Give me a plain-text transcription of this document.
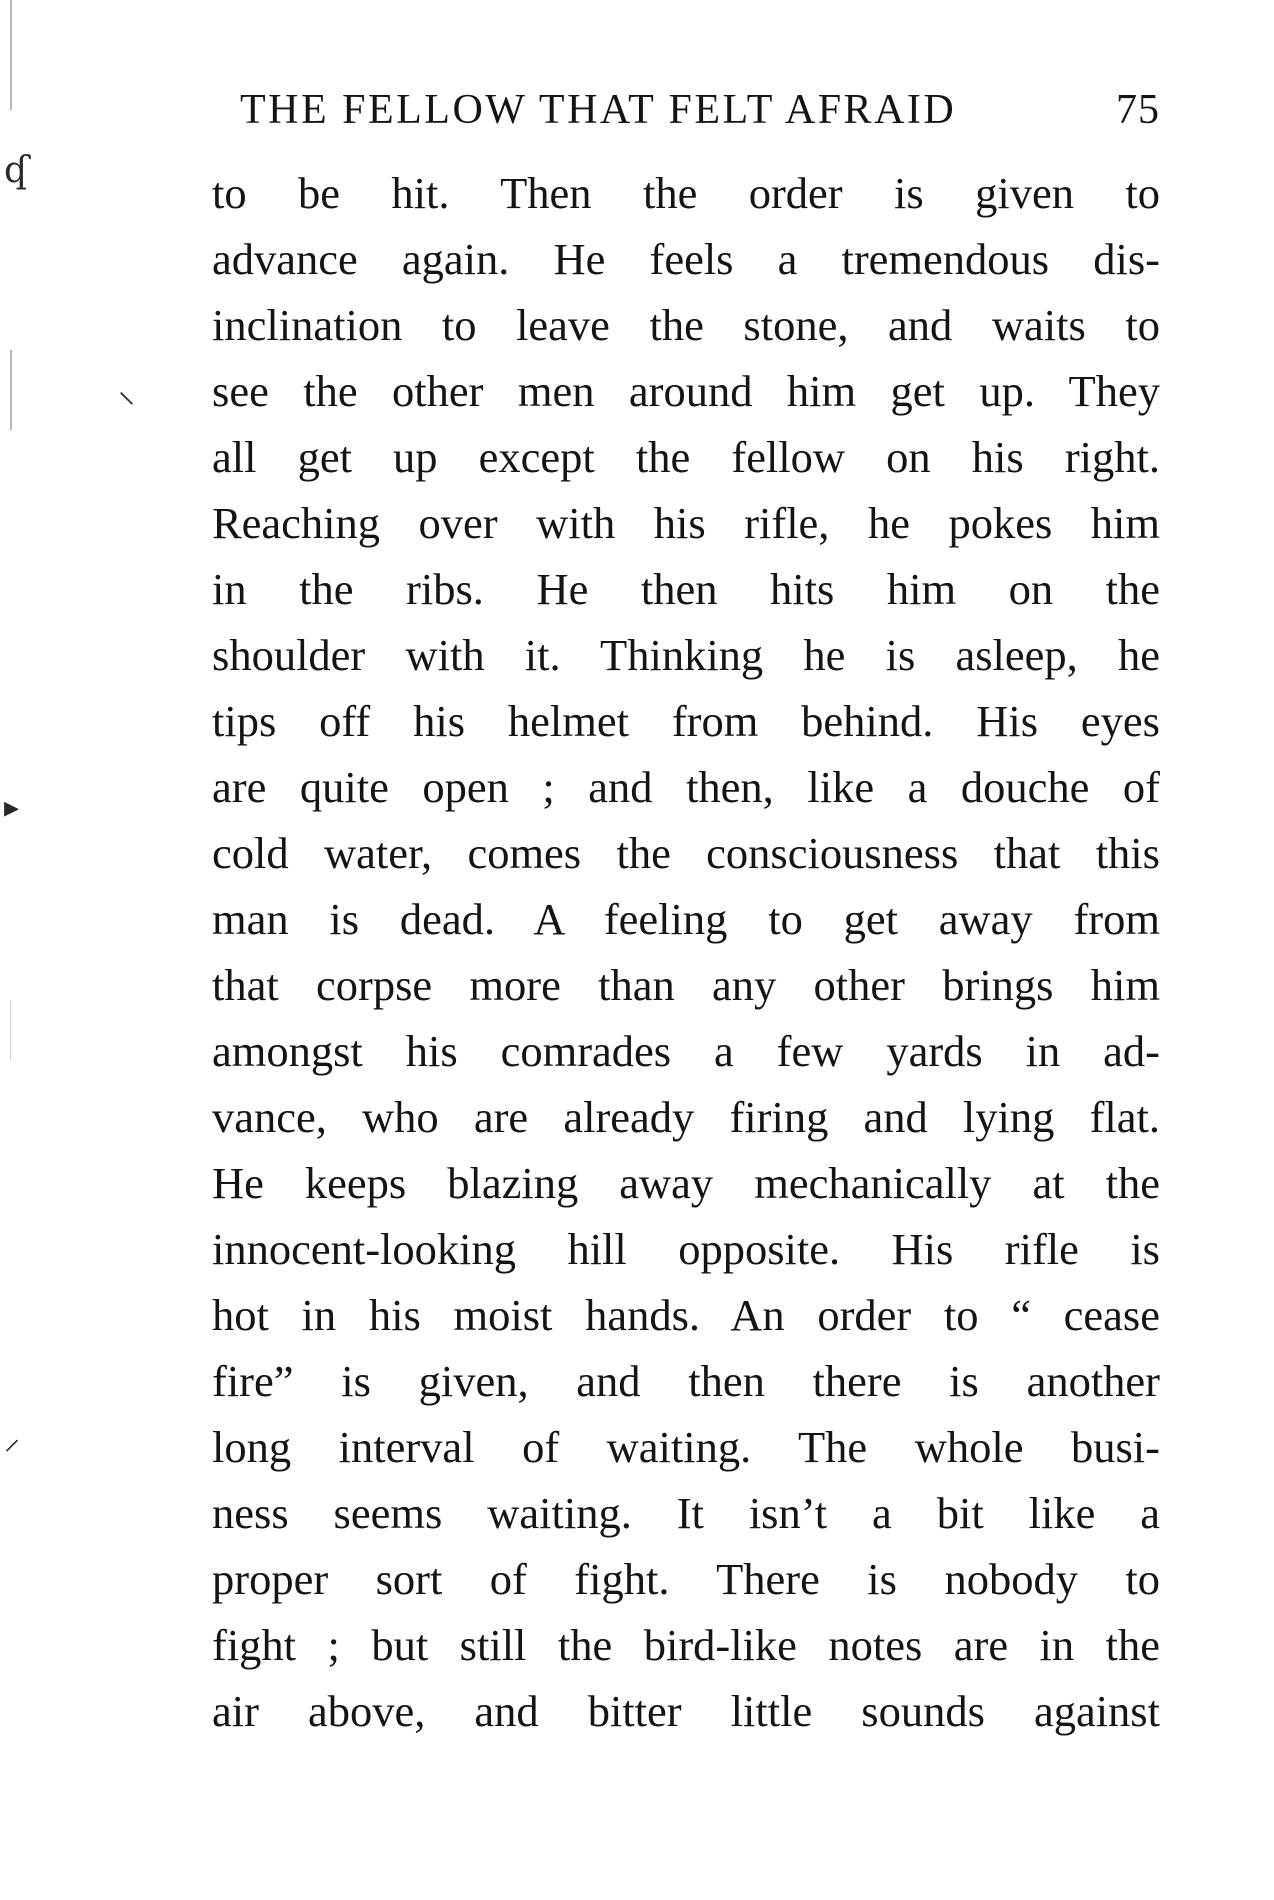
ʠ
⸜
▸
⸝
THE FELLOW THAT FELT AFRAID	75
to be hit. Then the order is given to
advance again. He feels a tremendous dis-
inclination to leave the stone, and waits to
see the other men around him get up. They
all get up except the fellow on his right.
Reaching over with his rifle, he pokes him
in the ribs. He then hits him on the
shoulder with it. Thinking he is asleep, he
tips off his helmet from behind. His eyes
are quite open ; and then, like a douche of
cold water, comes the consciousness that this
man is dead. A feeling to get away from
that corpse more than any other brings him
amongst his comrades a few yards in ad-
vance, who are already firing and lying flat.
He keeps blazing away mechanically at the
innocent-looking hill opposite. His rifle is
hot in his moist hands. An order to “ cease
fire” is given, and then there is another
long interval of waiting. The whole busi-
ness seems waiting. It isn’t a bit like a
proper sort of fight. There is nobody to
fight ; but still the bird-like notes are in the
air above, and bitter little sounds against
